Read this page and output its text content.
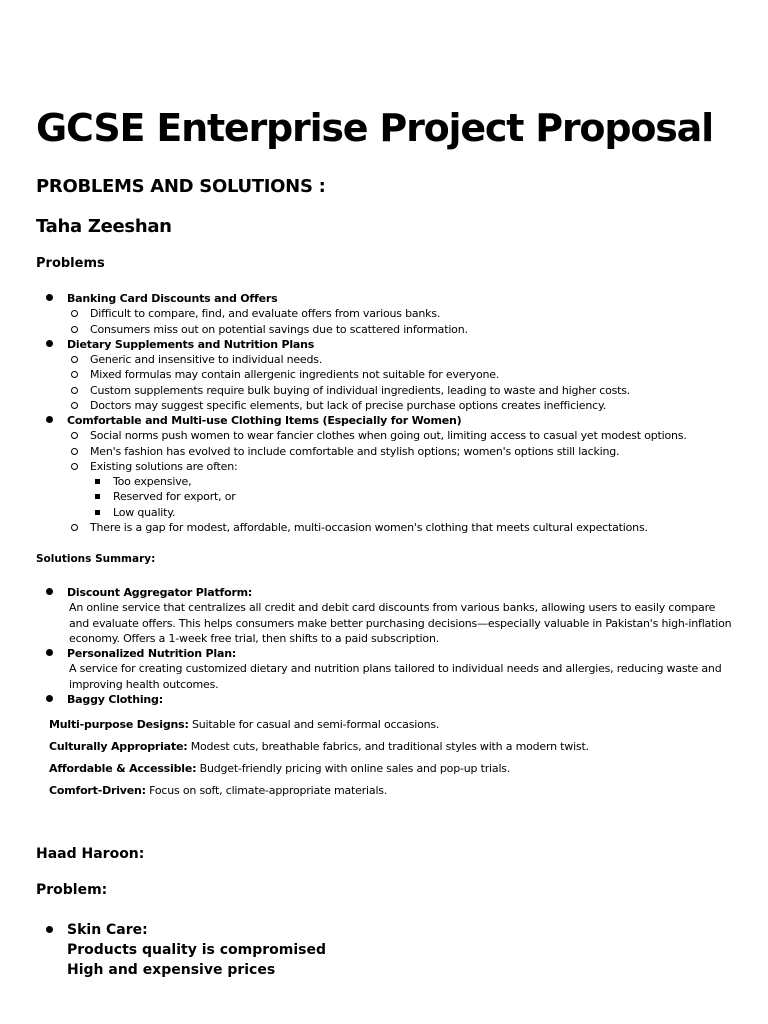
GCSE Enterprise Project Proposal
PROBLEMS AND SOLUTIONS :
Taha Zeeshan
Problems
Banking Card Discounts and Offers
Difficult to compare, find, and evaluate offers from various banks.
Consumers miss out on potential savings due to scattered information.
Dietary Supplements and Nutrition Plans
Generic and insensitive to individual needs.
Mixed formulas may contain allergenic ingredients not suitable for everyone.
Custom supplements require bulk buying of individual ingredients, leading to waste and higher costs.
Doctors may suggest specific elements, but lack of precise purchase options creates inefficiency.
Comfortable and Multi-use Clothing Items (Especially for Women)
Social norms push women to wear fancier clothes when going out, limiting access to casual yet modest options.
Men's fashion has evolved to include comfortable and stylish options; women's options still lacking.
Existing solutions are often:
Too expensive,
Reserved for export, or
Low quality.
There is a gap for modest, affordable, multi-occasion women's clothing that meets cultural expectations.
Solutions Summary:
Discount Aggregator Platform:
An online service that centralizes all credit and debit card discounts from various banks, allowing users to easily compare and evaluate offers. This helps consumers make better purchasing decisions—especially valuable in Pakistan's high-inflation economy. Offers a 1-week free trial, then shifts to a paid subscription.
Personalized Nutrition Plan:
A service for creating customized dietary and nutrition plans tailored to individual needs and allergies, reducing waste and improving health outcomes.
Baggy Clothing:
Multi-purpose Designs: Suitable for casual and semi-formal occasions.
Culturally Appropriate: Modest cuts, breathable fabrics, and traditional styles with a modern twist.
Affordable & Accessible: Budget-friendly pricing with online sales and pop-up trials.
Comfort-Driven: Focus on soft, climate-appropriate materials.
Haad Haroon:
Problem:
Skin Care:
Products quality is compromised
High and expensive prices
